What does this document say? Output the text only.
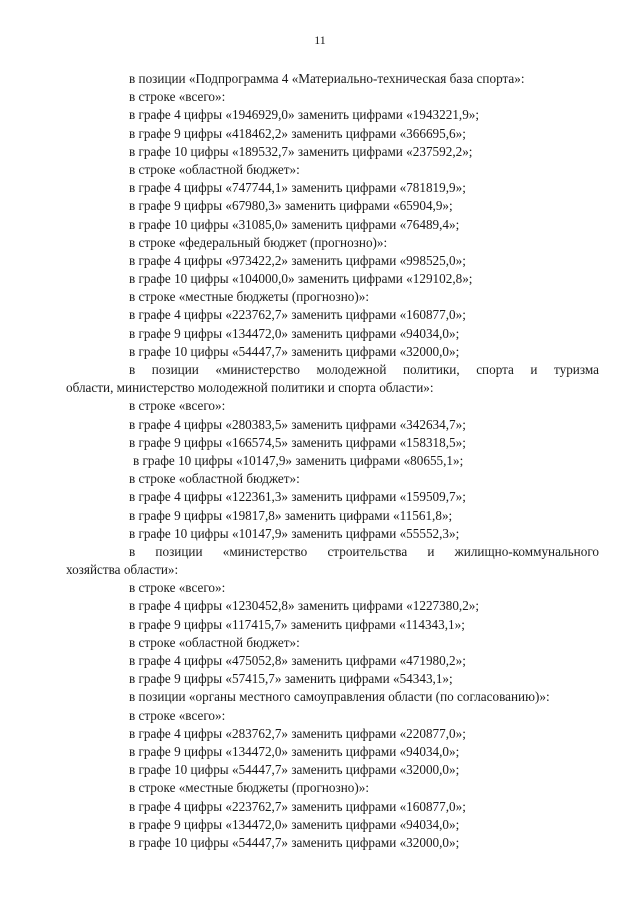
11
в позиции «Подпрограмма 4 «Материально-техническая база спорта»:
в строке «всего»:
в графе 4 цифры «1946929,0» заменить цифрами «1943221,9»;
в графе 9 цифры «418462,2» заменить цифрами «366695,6»;
в графе 10 цифры «189532,7» заменить цифрами «237592,2»;
в строке «областной бюджет»:
в графе 4 цифры «747744,1» заменить цифрами «781819,9»;
в графе 9 цифры «67980,3» заменить цифрами «65904,9»;
в графе 10 цифры «31085,0» заменить цифрами «76489,4»;
в строке «федеральный бюджет (прогнозно)»:
в графе 4 цифры «973422,2» заменить цифрами «998525,0»;
в графе 10 цифры «104000,0» заменить цифрами «129102,8»;
в строке «местные бюджеты (прогнозно)»:
в графе 4 цифры «223762,7» заменить цифрами «160877,0»;
в графе 9 цифры «134472,0» заменить цифрами «94034,0»;
в графе 10 цифры «54447,7» заменить цифрами «32000,0»;
в позиции «министерство молодежной политики, спорта и туризма
области, министерство молодежной политики и спорта области»:
в строке «всего»:
в графе 4 цифры «280383,5» заменить цифрами «342634,7»;
в графе 9 цифры «166574,5» заменить цифрами «158318,5»;
в графе 10 цифры «10147,9» заменить цифрами «80655,1»;
в строке «областной бюджет»:
в графе 4 цифры «122361,3» заменить цифрами «159509,7»;
в графе 9 цифры «19817,8» заменить цифрами «11561,8»;
в графе 10 цифры «10147,9» заменить цифрами «55552,3»;
в позиции «министерство строительства и жилищно-коммунального
хозяйства области»:
в строке «всего»:
в графе 4 цифры «1230452,8» заменить цифрами «1227380,2»;
в графе 9 цифры «117415,7» заменить цифрами «114343,1»;
в строке «областной бюджет»:
в графе 4 цифры «475052,8» заменить цифрами «471980,2»;
в графе 9 цифры «57415,7» заменить цифрами «54343,1»;
в позиции «органы местного самоуправления области (по согласованию)»:
в строке «всего»:
в графе 4 цифры «283762,7» заменить цифрами «220877,0»;
в графе 9 цифры «134472,0» заменить цифрами «94034,0»;
в графе 10 цифры «54447,7» заменить цифрами «32000,0»;
в строке «местные бюджеты (прогнозно)»:
в графе 4 цифры «223762,7» заменить цифрами «160877,0»;
в графе 9 цифры «134472,0» заменить цифрами «94034,0»;
в графе 10 цифры «54447,7» заменить цифрами «32000,0»;
